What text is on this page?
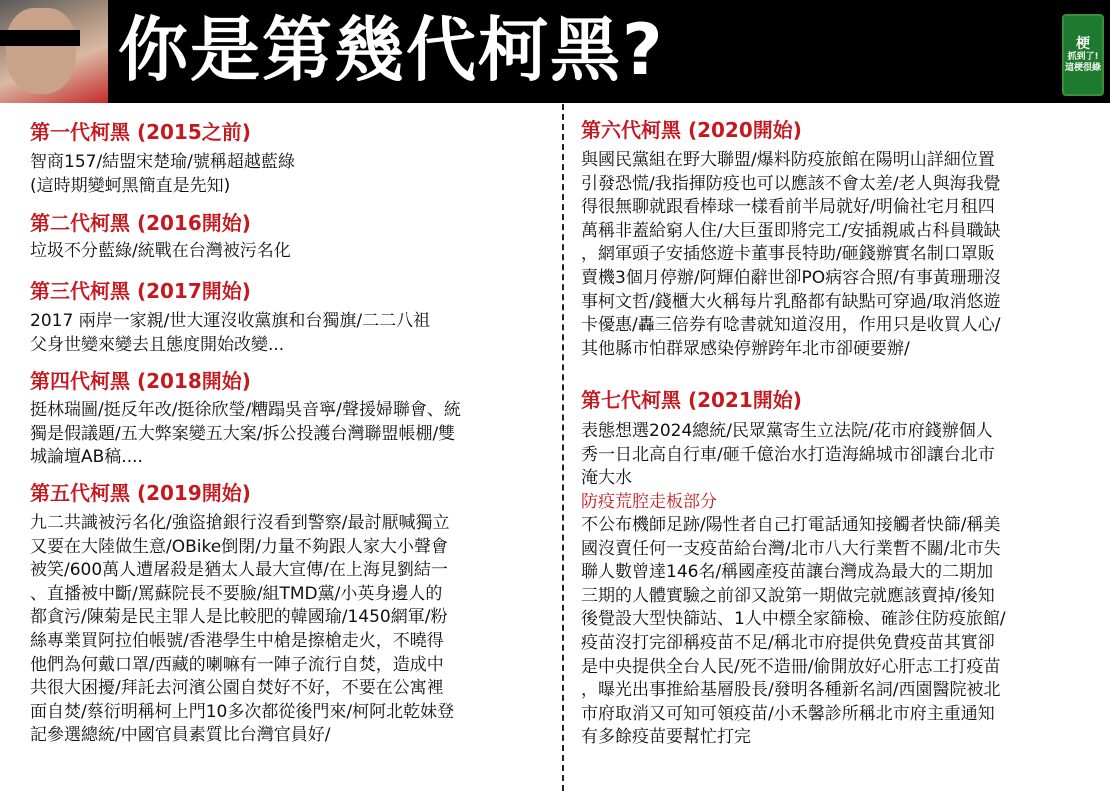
你是第幾代柯黑?	梗
抓到了!這梗很綠
第一代柯黑 (2015之前)
智商157/結盟宋楚瑜/號稱超越藍綠
(這時期變蚵黑簡直是先知)
第二代柯黑 (2016開始)
垃圾不分藍綠/統戰在台灣被污名化
第三代柯黑 (2017開始)
2017 兩岸一家親/世大運沒收黨旗和台獨旗/二二八祖
父身世變來變去且態度開始改變...
第四代柯黑 (2018開始)
挺林瑞圖/挺反年改/挺徐欣瑩/糟蹋吳音寧/聲援婦聯會、統
獨是假議題/五大弊案變五大案/拆公投護台灣聯盟帳棚/雙
城論壇AB稿....
第五代柯黑 (2019開始)
九二共識被污名化/強盜搶銀行沒看到警察/最討厭喊獨立
又要在大陸做生意/OBike倒閉/力量不夠跟人家大小聲會
被笑/600萬人遭屠殺是猶太人最大宣傳/在上海見劉結一
、直播被中斷/罵蘇院長不要臉/組TMD黨/小英身邊人的
都貪污/陳菊是民主罪人是比較肥的韓國瑜/1450網軍/粉
絲專業買阿拉伯帳號/香港學生中槍是擦槍走火，不曉得
他們為何戴口罩/西藏的喇嘛有一陣子流行自焚，造成中
共很大困擾/拜託去河濱公園自焚好不好，不要在公寓裡
面自焚/蔡衍明稱柯上門10多次都從後門來/柯阿北乾妹登
記參選總統/中國官員素質比台灣官員好/
第六代柯黑 (2020開始)
與國民黨組在野大聯盟/爆料防疫旅館在陽明山詳細位置
引發恐慌/我指揮防疫也可以應該不會太差/老人與海我覺
得很無聊就跟看棒球一樣看前半局就好/明倫社宅月租四
萬稱非蓋給窮人住/大巨蛋即將完工/安插親戚占科員職缺
，網軍頭子安插悠遊卡董事長特助/砸錢辦實名制口罩販
賣機3個月停辦/阿輝伯辭世卻PO病容合照/有事黃珊珊沒
事柯文哲/錢櫃大火稱每片乳酪都有缺點可穿過/取消悠遊
卡優惠/轟三倍券有唸書就知道沒用，作用只是收買人心/
其他縣市怕群眾感染停辦跨年北市卻硬要辦/
第七代柯黑 (2021開始)
表態想選2024總統/民眾黨寄生立法院/花市府錢辦個人
秀一日北高自行車/砸千億治水打造海綿城市卻讓台北市
淹大水
防疫荒腔走板部分
不公布機師足跡/陽性者自己打電話通知接觸者快篩/稱美
國沒賣任何一支疫苗給台灣/北市八大行業暫不關/北市失
聯人數曾達146名/稱國產疫苗讓台灣成為最大的二期加
三期的人體實驗之前卻又說第一期做完就應該賣掉/後知
後覺設大型快篩站、1人中標全家篩檢、確診住防疫旅館/
疫苗沒打完卻稱疫苗不足/稱北市府提供免費疫苗其實卻
是中央提供全台人民/死不造冊/偷開放好心肝志工打疫苗
，曝光出事推給基層股長/發明各種新名詞/西園醫院被北
市府取消又可知可領疫苗/小禾馨診所稱北市府主重通知
有多餘疫苗要幫忙打完
